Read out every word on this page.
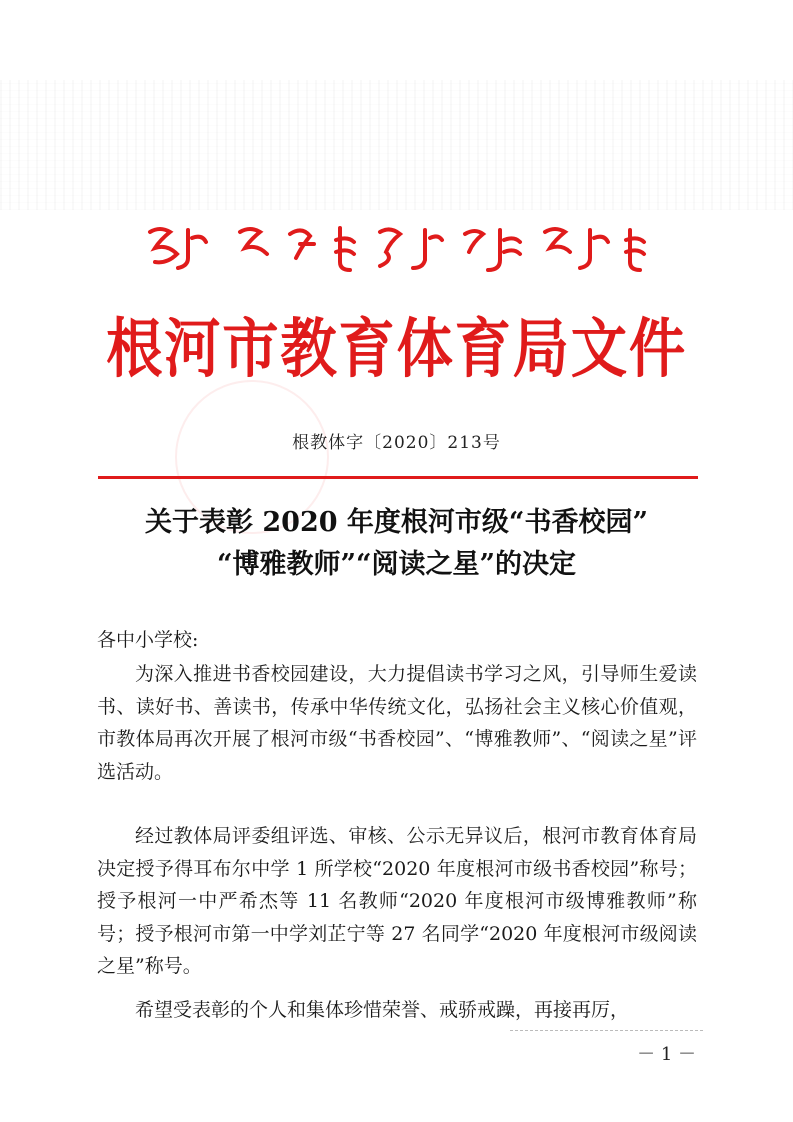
根河市教育体育局文件
根教体字〔2020〕213号
关于表彰 2020 年度根河市级“书香校园”
“博雅教师”“阅读之星”的决定
各中小学校:
为深入推进书香校园建设，大力提倡读书学习之风，引导师生爱读书、读好书、善读书，传承中华传统文化，弘扬社会主义核心价值观，市教体局再次开展了根河市级“书香校园”、“博雅教师”、“阅读之星”评选活动。
经过教体局评委组评选、审核、公示无异议后，根河市教育体育局决定授予得耳布尔中学 1 所学校“2020 年度根河市级书香校园”称号；授予根河一中严希杰等 11 名教师“2020 年度根河市级博雅教师”称号；授予根河市第一中学刘芷宁等 27 名同学“2020 年度根河市级阅读之星”称号。
希望受表彰的个人和集体珍惜荣誉、戒骄戒躁，再接再厉，
－ 1 －
